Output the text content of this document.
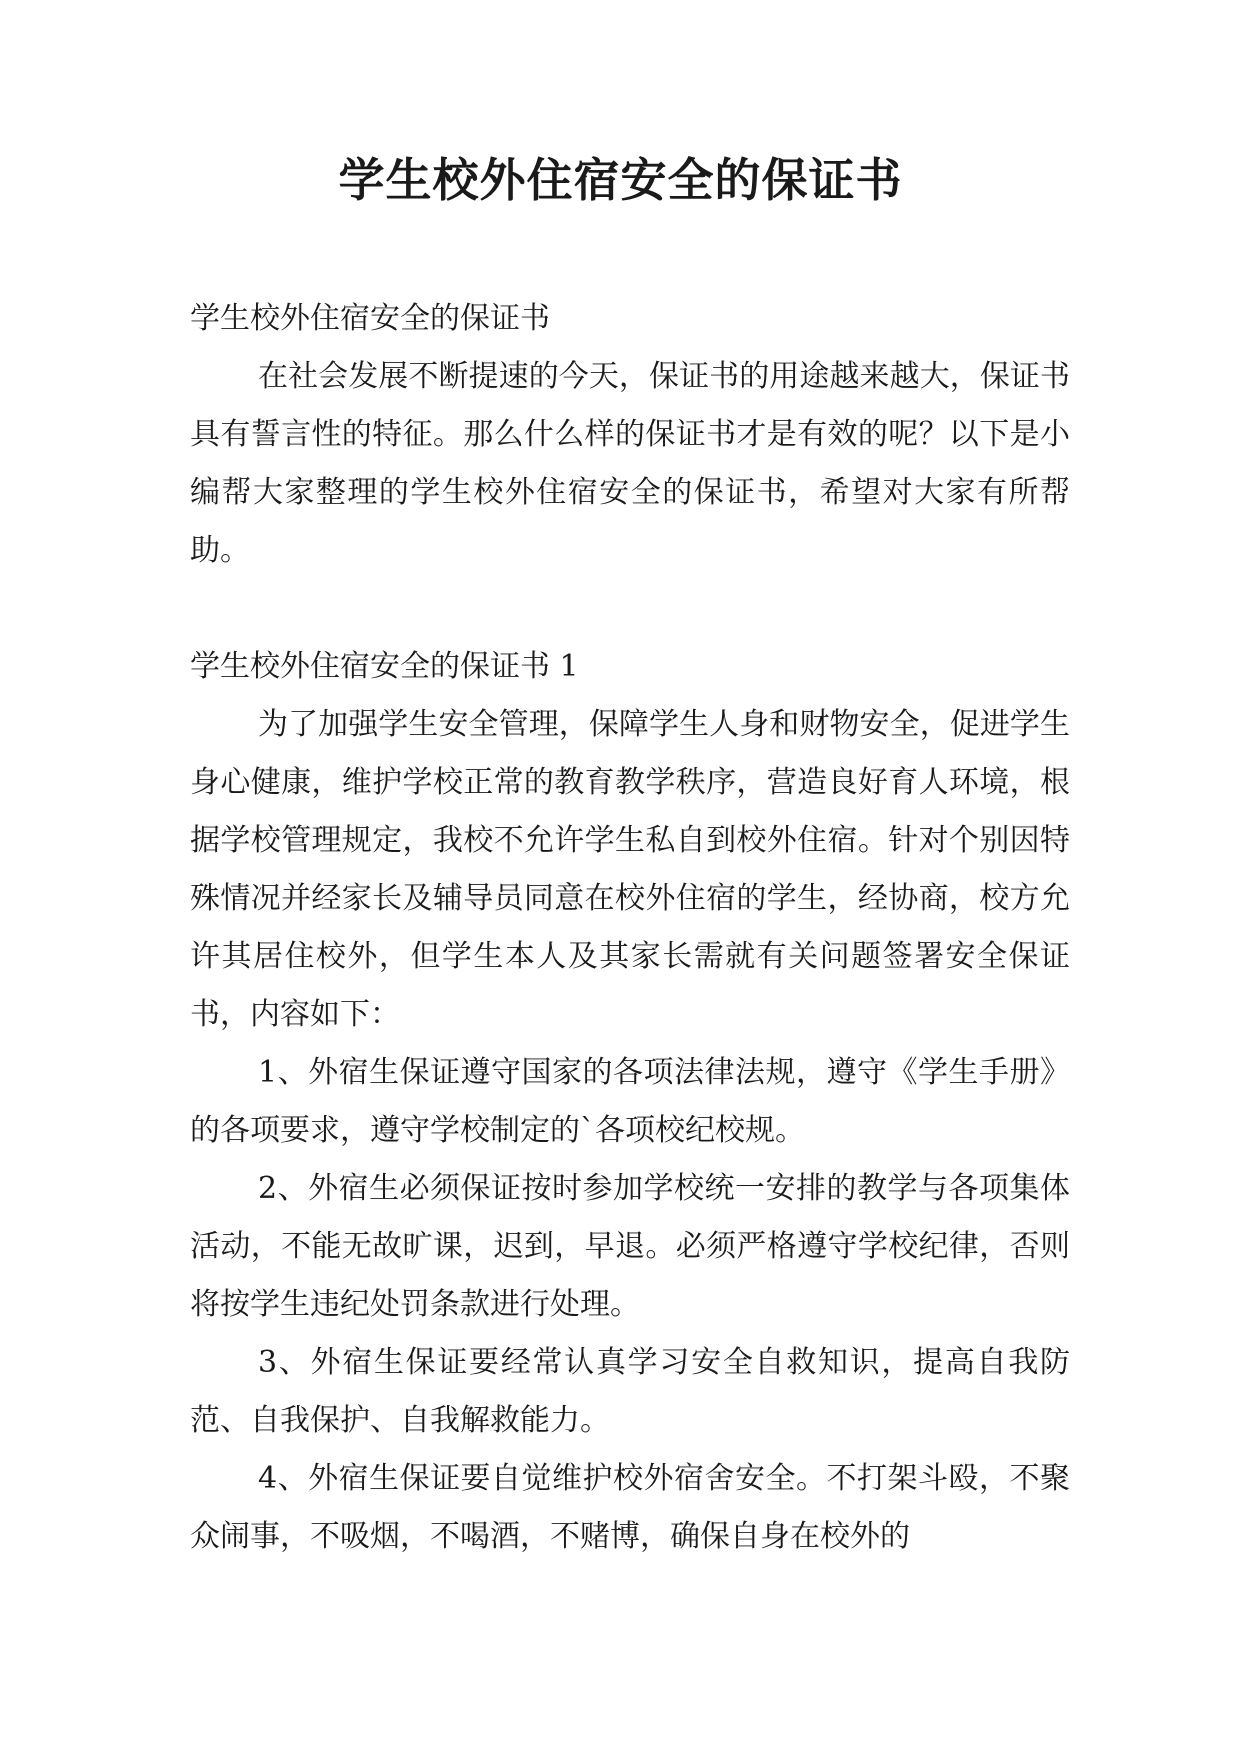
学生校外住宿安全的保证书

学生校外住宿安全的保证书

在社会发展不断提速的今天，保证书的用途越来越大，保证书具有誓言性的特征。那么什么样的保证书才是有效的呢？以下是小编帮大家整理的学生校外住宿安全的保证书，希望对大家有所帮助。

学生校外住宿安全的保证书 1

为了加强学生安全管理，保障学生人身和财物安全，促进学生身心健康，维护学校正常的教育教学秩序，营造良好育人环境，根据学校管理规定，我校不允许学生私自到校外住宿。针对个别因特殊情况并经家长及辅导员同意在校外住宿的学生，经协商，校方允许其居住校外，但学生本人及其家长需就有关问题签署安全保证书，内容如下：

1、外宿生保证遵守国家的各项法律法规，遵守《学生手册》的各项要求，遵守学校制定的`各项校纪校规。

2、外宿生必须保证按时参加学校统一安排的教学与各项集体活动，不能无故旷课，迟到，早退。必须严格遵守学校纪律，否则将按学生违纪处罚条款进行处理。

3、外宿生保证要经常认真学习安全自救知识，提高自我防范、自我保护、自我解救能力。

4、外宿生保证要自觉维护校外宿舍安全。不打架斗殴，不聚众闹事，不吸烟，不喝酒，不赌博，确保自身在校外的
